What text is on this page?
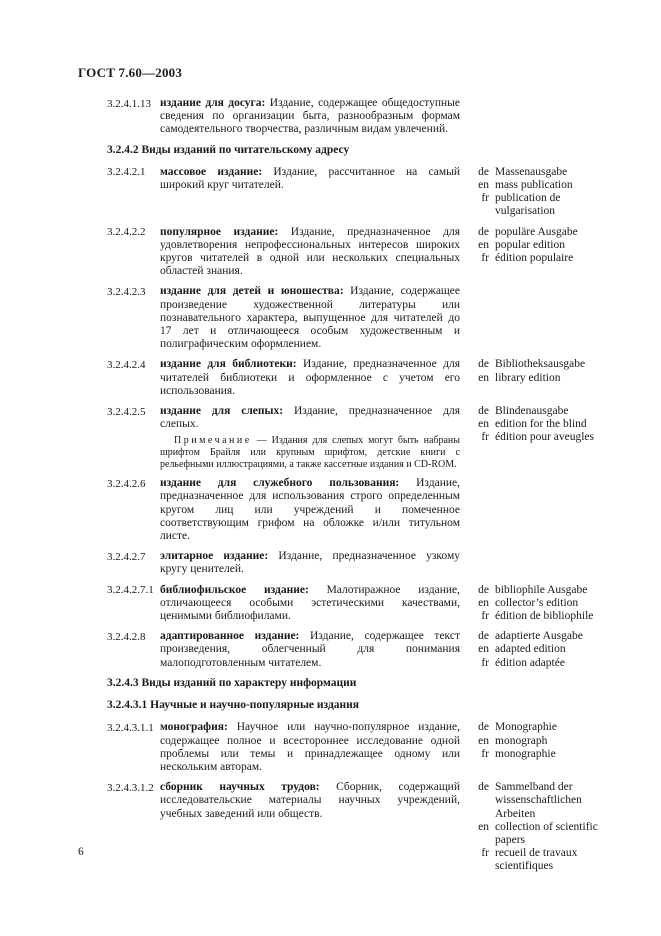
ГОСТ 7.60—2003
3.2.4.1.13 издание для досуга: Издание, содержащее общедоступные сведения по организации быта, разнообразным формам самодеятельного творчества, различным видам увлечений.
3.2.4.2 Виды изданий по читательскому адресу
3.2.4.2.1	массовое издание: Издание, рассчитанное на самый широкий круг читателей.
de Massenausgabe
en mass publication
fr publication de vulgarisation
3.2.4.2.2	популярное издание: Издание, предназначенное для удовлетворения непрофессиональных интересов широких кругов читателей в одной или нескольких специальных областей знания.
de populäre Ausgabe
en popular edition
fr édition populaire
3.2.4.2.3	издание для детей и юношества: Издание, содержащее произведение художественной литературы или познавательного характера, выпущенное для читателей до 17 лет и отличающееся особым художественным и полиграфическим оформлением.
3.2.4.2.4	издание для библиотеки: Издание, предназначенное для читателей библиотеки и оформленное с учетом его использования.
de Bibliotheksausgabe
en library edition
3.2.4.2.5	издание для слепых: Издание, предназначенное для слепых.
Примечание — Издания для слепых могут быть набраны шрифтом Брайля или крупным шрифтом, детские книги с рельефными иллюстрациями, а также кассетные издания и CD-ROM.
de Blindenausgabe
en edition for the blind
fr édition pour aveugles
3.2.4.2.6	издание для служебного пользования: Издание, предназначенное для использования строго определенным кругом лиц или учреждений и помеченное соответствующим грифом на обложке и/или титульном листе.
3.2.4.2.7	элитарное издание: Издание, предназначенное узкому кругу ценителей.
3.2.4.2.7.1 библиофильское издание: Малотиражное издание, отличающееся особыми эстетическими качествами, ценимыми библиофилами.
de bibliophile Ausgabe
en collector’s edition
fr édition de bibliophile
3.2.4.2.8	адаптированное издание: Издание, содержащее текст произведения, облегченный для понимания малоподготовленным читателем.
de adaptierte Ausgabe
en adapted edition
fr édition adaptée
3.2.4.3 Виды изданий по характеру информации
3.2.4.3.1 Научные и научно-популярные издания
3.2.4.3.1.1 монография: Научное или научно-популярное издание, содержащее полное и всестороннее исследование одной проблемы или темы и принадлежащее одному или нескольким авторам.
de Monographie
en monograph
fr monographie
3.2.4.3.1.2 сборник научных трудов: Сборник, содержащий исследовательские материалы научных учреждений, учебных заведений или обществ.
de Sammelband der wissenschaftlichen Arbeiten
en collection of scientific papers
fr recueil de travaux scientifiques
6
